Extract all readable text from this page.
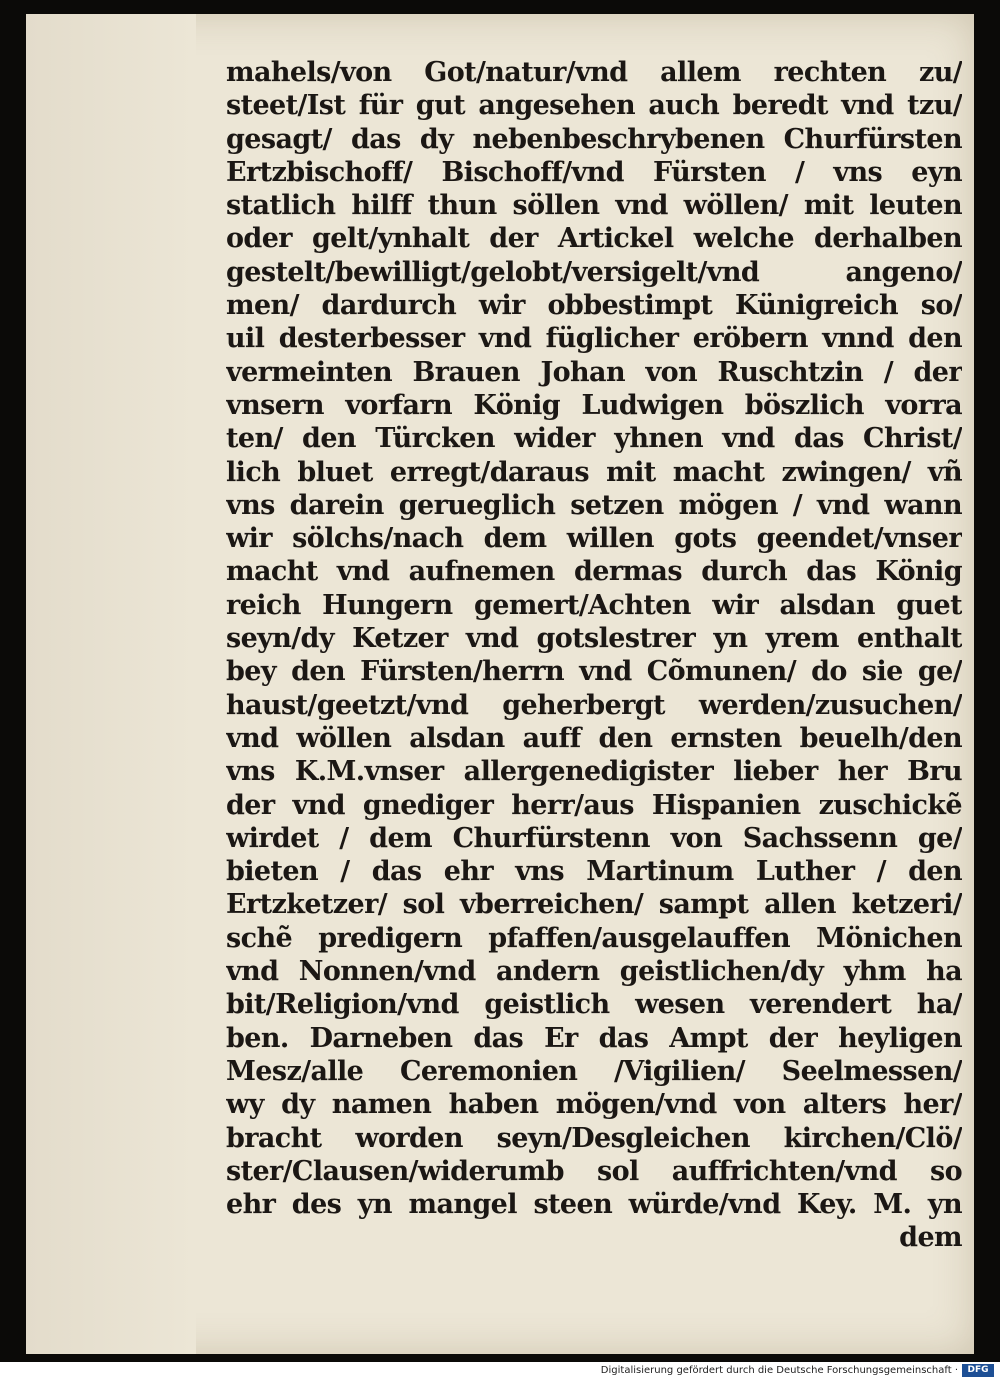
mahels/von Got/natur/vnd allem rechten zu/
steet/Ist für gut angesehen auch beredt vnd tzu/
gesagt/ das dy nebenbeschrybenen Churfürsten
Ertzbischoff/ Bischoff/vnd Fürsten / vns eyn
statlich hilff thun söllen vnd wöllen/ mit leuten
oder gelt/ynhalt der Artickel welche derhalben
gestelt/bewilligt/gelobt/versigelt/vnd angeno/
men/ dardurch wir obbestimpt Künigreich so/
uil desterbesser vnd füglicher eröbern vnnd den
vermeinten Brauen Johan von Ruschtzin / der
vnsern vorfarn König Ludwigen böszlich vorra
ten/ den Türcken wider yhnen vnd das Christ/
lich bluet erregt/daraus mit macht zwingen/ vñ
vns darein gerueglich setzen mögen / vnd wann
wir sölchs/nach dem willen gots geendet/vnser
macht vnd aufnemen dermas durch das König
reich Hungern gemert/Achten wir alsdan guet
seyn/dy Ketzer vnd gotslestrer yn yrem enthalt
bey den Fürsten/herrn vnd Cõmunen/ do sie ge/
haust/geetzt/vnd geherbergt werden/zusuchen/
vnd wöllen alsdan auff den ernsten beuelh/den
vns K.M.vnser allergenedigister lieber her Bru
der vnd gnediger herr/aus Hispanien zuschickẽ
wirdet / dem Churfürstenn von Sachssenn ge/
bieten / das ehr vns Martinum Luther / den
Ertzketzer/ sol vberreichen/ sampt allen ketzeri/
schẽ predigern pfaffen/ausgelauffen Mönichen
vnd Nonnen/vnd andern geistlichen/dy yhm ha
bit/Religion/vnd geistlich wesen verendert ha/
ben. Darneben das Er das Ampt der heyligen
Mesz/alle Ceremonien /Vigilien/ Seelmessen/
wy dy namen haben mögen/vnd von alters her/
bracht worden seyn/Desgleichen kirchen/Clö/
ster/Clausen/widerumb sol auffrichten/vnd so
ehr des yn mangel steen würde/vnd Key. M. yn
dem
Digitalisierung gefördert durch die Deutsche Forschungsgemeinschaft ·	DFG
